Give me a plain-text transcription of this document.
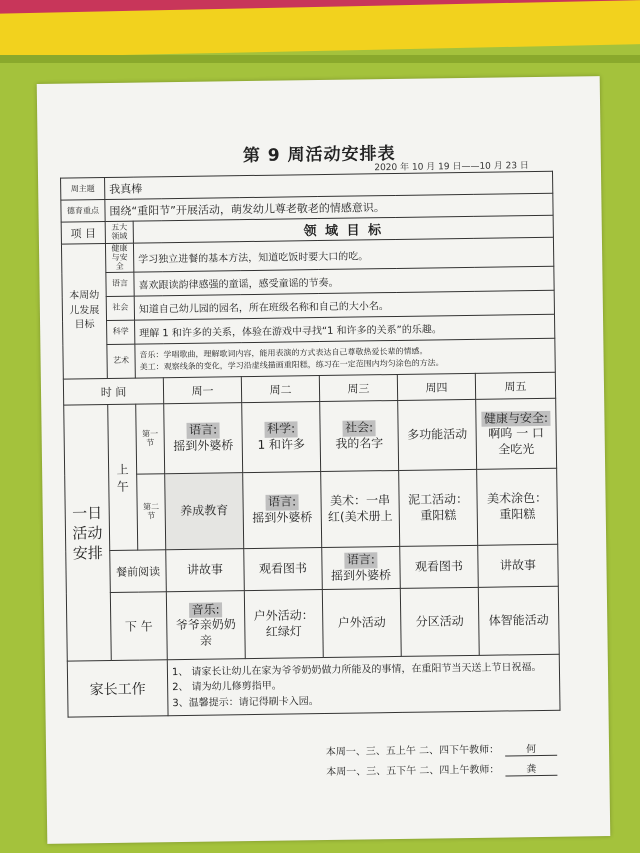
第 9 周活动安排表
2020 年 10 月 19 日——10 月 23 日
周主题	我真棒						
德育重点	围绕“重阳节”开展活动，萌发幼儿尊老敬老的情感意识。						
项 目	五大领域	领 域 目 标					
本周幼儿发展目标	健康与安全	学习独立进餐的基本方法，知道吃饭时要大口的吃。					
	语言	喜欢跟读韵律感强的童谣，感受童谣的节奏。					
	社会	知道自己幼儿园的园名，所在班级名称和自己的大小名。					
	科学	理解 1 和许多的关系，体验在游戏中寻找“1 和许多的关系”的乐趣。					
	艺术	音乐：学唱歌曲，理解歌词内容，能用表演的方式表达自己尊敬热爱长辈的情感。
美工：观察线条的变化，学习沿虚线描画重阳糕，练习在一定范围内均匀涂色的方法。					

时 间			周一	周二	周三	周四	周五
一日活动安排	上午	第一节	语言:
摇到外婆桥	科学:
1 和许多	社会:
我的名字	多功能活动	健康与安全:
啊呜 一 口 全吃光

		第二节	养成教育	语言:
摇到外婆桥	美术：一串红(美术册上	泥工活动：重阳糕	美术涂色：重阳糕

	餐前阅读		讲故事	观看图书	语言:
摇到外婆桥	观看图书	讲故事

	下 午		音乐:
爷爷亲奶奶亲	户外活动：红绿灯	户外活动	分区活动	体智能活动

家长工作			1、 请家长让幼儿在家为爷爷奶奶做力所能及的事情，在重阳节当天送上节日祝福。
2、 请为幼儿修剪指甲。
3、温馨提示：请记得刷卡入园。				
本周一、三、五上午 二、四下午教师：	何
本周一、三、五下午 二、四上午教师：	龚
